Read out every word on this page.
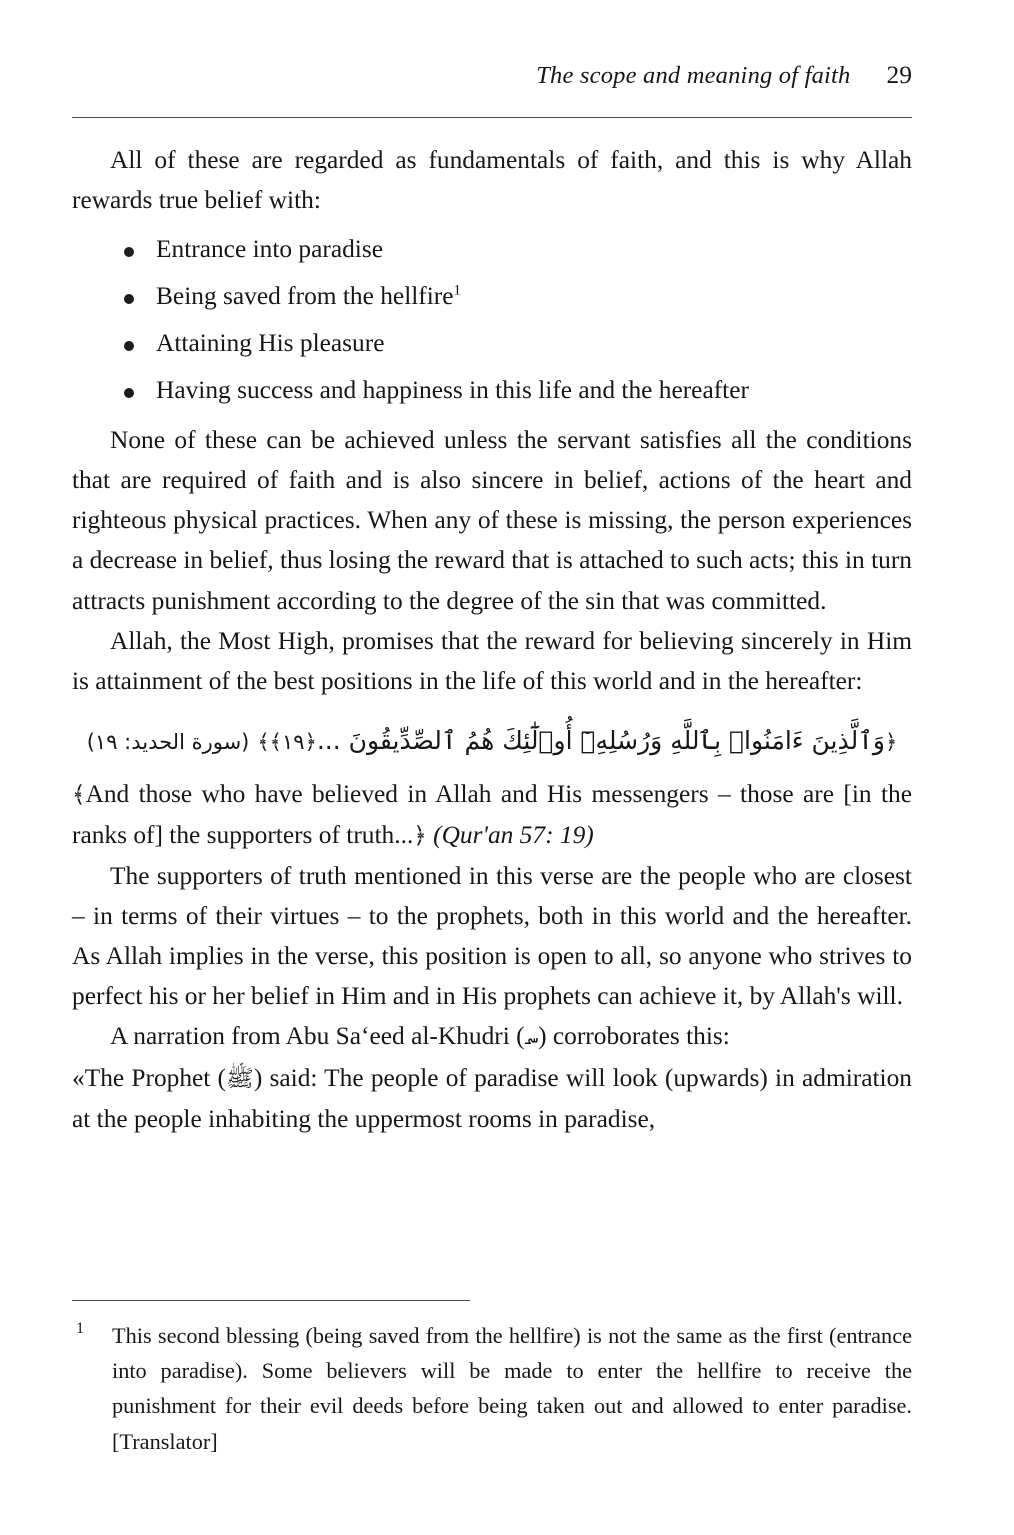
The scope and meaning of faith 29

All of these are regarded as fundamentals of faith, and this is why Allah rewards true belief with:

Entrance into paradise
Being saved from the hellfire$^1$
Attaining His pleasure
Having success and happiness in this life and the hereafter

None of these can be achieved unless the servant satisfies all the conditions that are required of faith and is also sincere in belief, actions of the heart and righteous physical practices. When any of these is missing, the person experiences a decrease in belief, thus losing the reward that is attached to such acts; this in turn attracts punishment according to the degree of the sin that was committed.

Allah, the Most High, promises that the reward for believing sincerely in Him is attainment of the best positions in the life of this world and in the hereafter:

﴿وَٱلَّذِينَ ءَامَنُوا۟ بِٱللَّهِ وَرُسُلِهِۦٓ أُو۟لَٰٓئِكَ هُمُ ٱلصِّدِّيقُونَ ...﴿١٩﴾﴾ (سورة الحديد: ١٩)

﴾And those who have believed in Allah and His messengers – those are [in the ranks of] the supporters of truth...﴿ (Qur'an 57: 19)

The supporters of truth mentioned in this verse are the people who are closest – in terms of their virtues – to the prophets, both in this world and the hereafter. As Allah implies in the verse, this position is open to all, so anyone who strives to perfect his or her belief in Him and in His prophets can achieve it, by Allah's will.

A narration from Abu Sa‘eed al-Khudri (؄) corroborates this:

«The Prophet (ﷺ) said: The people of paradise will look (upwards) in admiration at the people inhabiting the uppermost rooms in paradise,

1 This second blessing (being saved from the hellfire) is not the same as the first (entrance into paradise). Some believers will be made to enter the hellfire to receive the punishment for their evil deeds before being taken out and allowed to enter paradise. [Translator]
